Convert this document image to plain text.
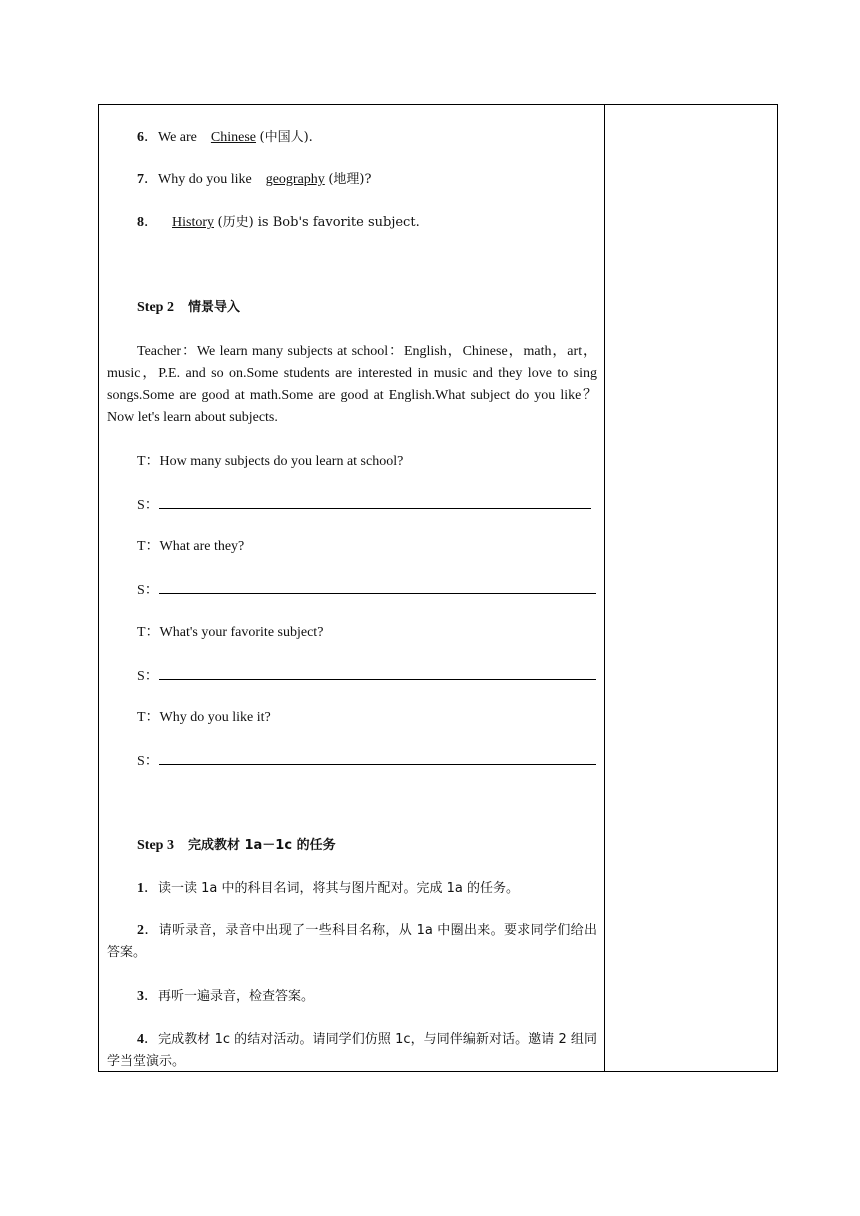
6．We are Chinese (中国人).
7．Why do you like geography (地理)?
8． History (历史) is Bob's favorite subject.
Step 2 情景导入
Teacher：We learn many subjects at school：English，Chinese，math，art，music，P.E. and so on.Some students are interested in music and they love to sing songs.Some are good at math.Some are good at English.What subject do you like？Now let's learn about subjects.
T：How many subjects do you learn at school?
S：
T：What are they?
S：
T：What's your favorite subject?
S：
T：Why do you like it?
S：
Step 3 完成教材 1a－1c 的任务
1．读一读 1a 中的科目名词，将其与图片配对。完成 1a 的任务。
2．请听录音，录音中出现了一些科目名称，从 1a 中圈出来。要求同学们给出答案。
3．再听一遍录音，检查答案。
4．完成教材 1c 的结对活动。请同学们仿照 1c，与同伴编新对话。邀请 2 组同学当堂演示。
